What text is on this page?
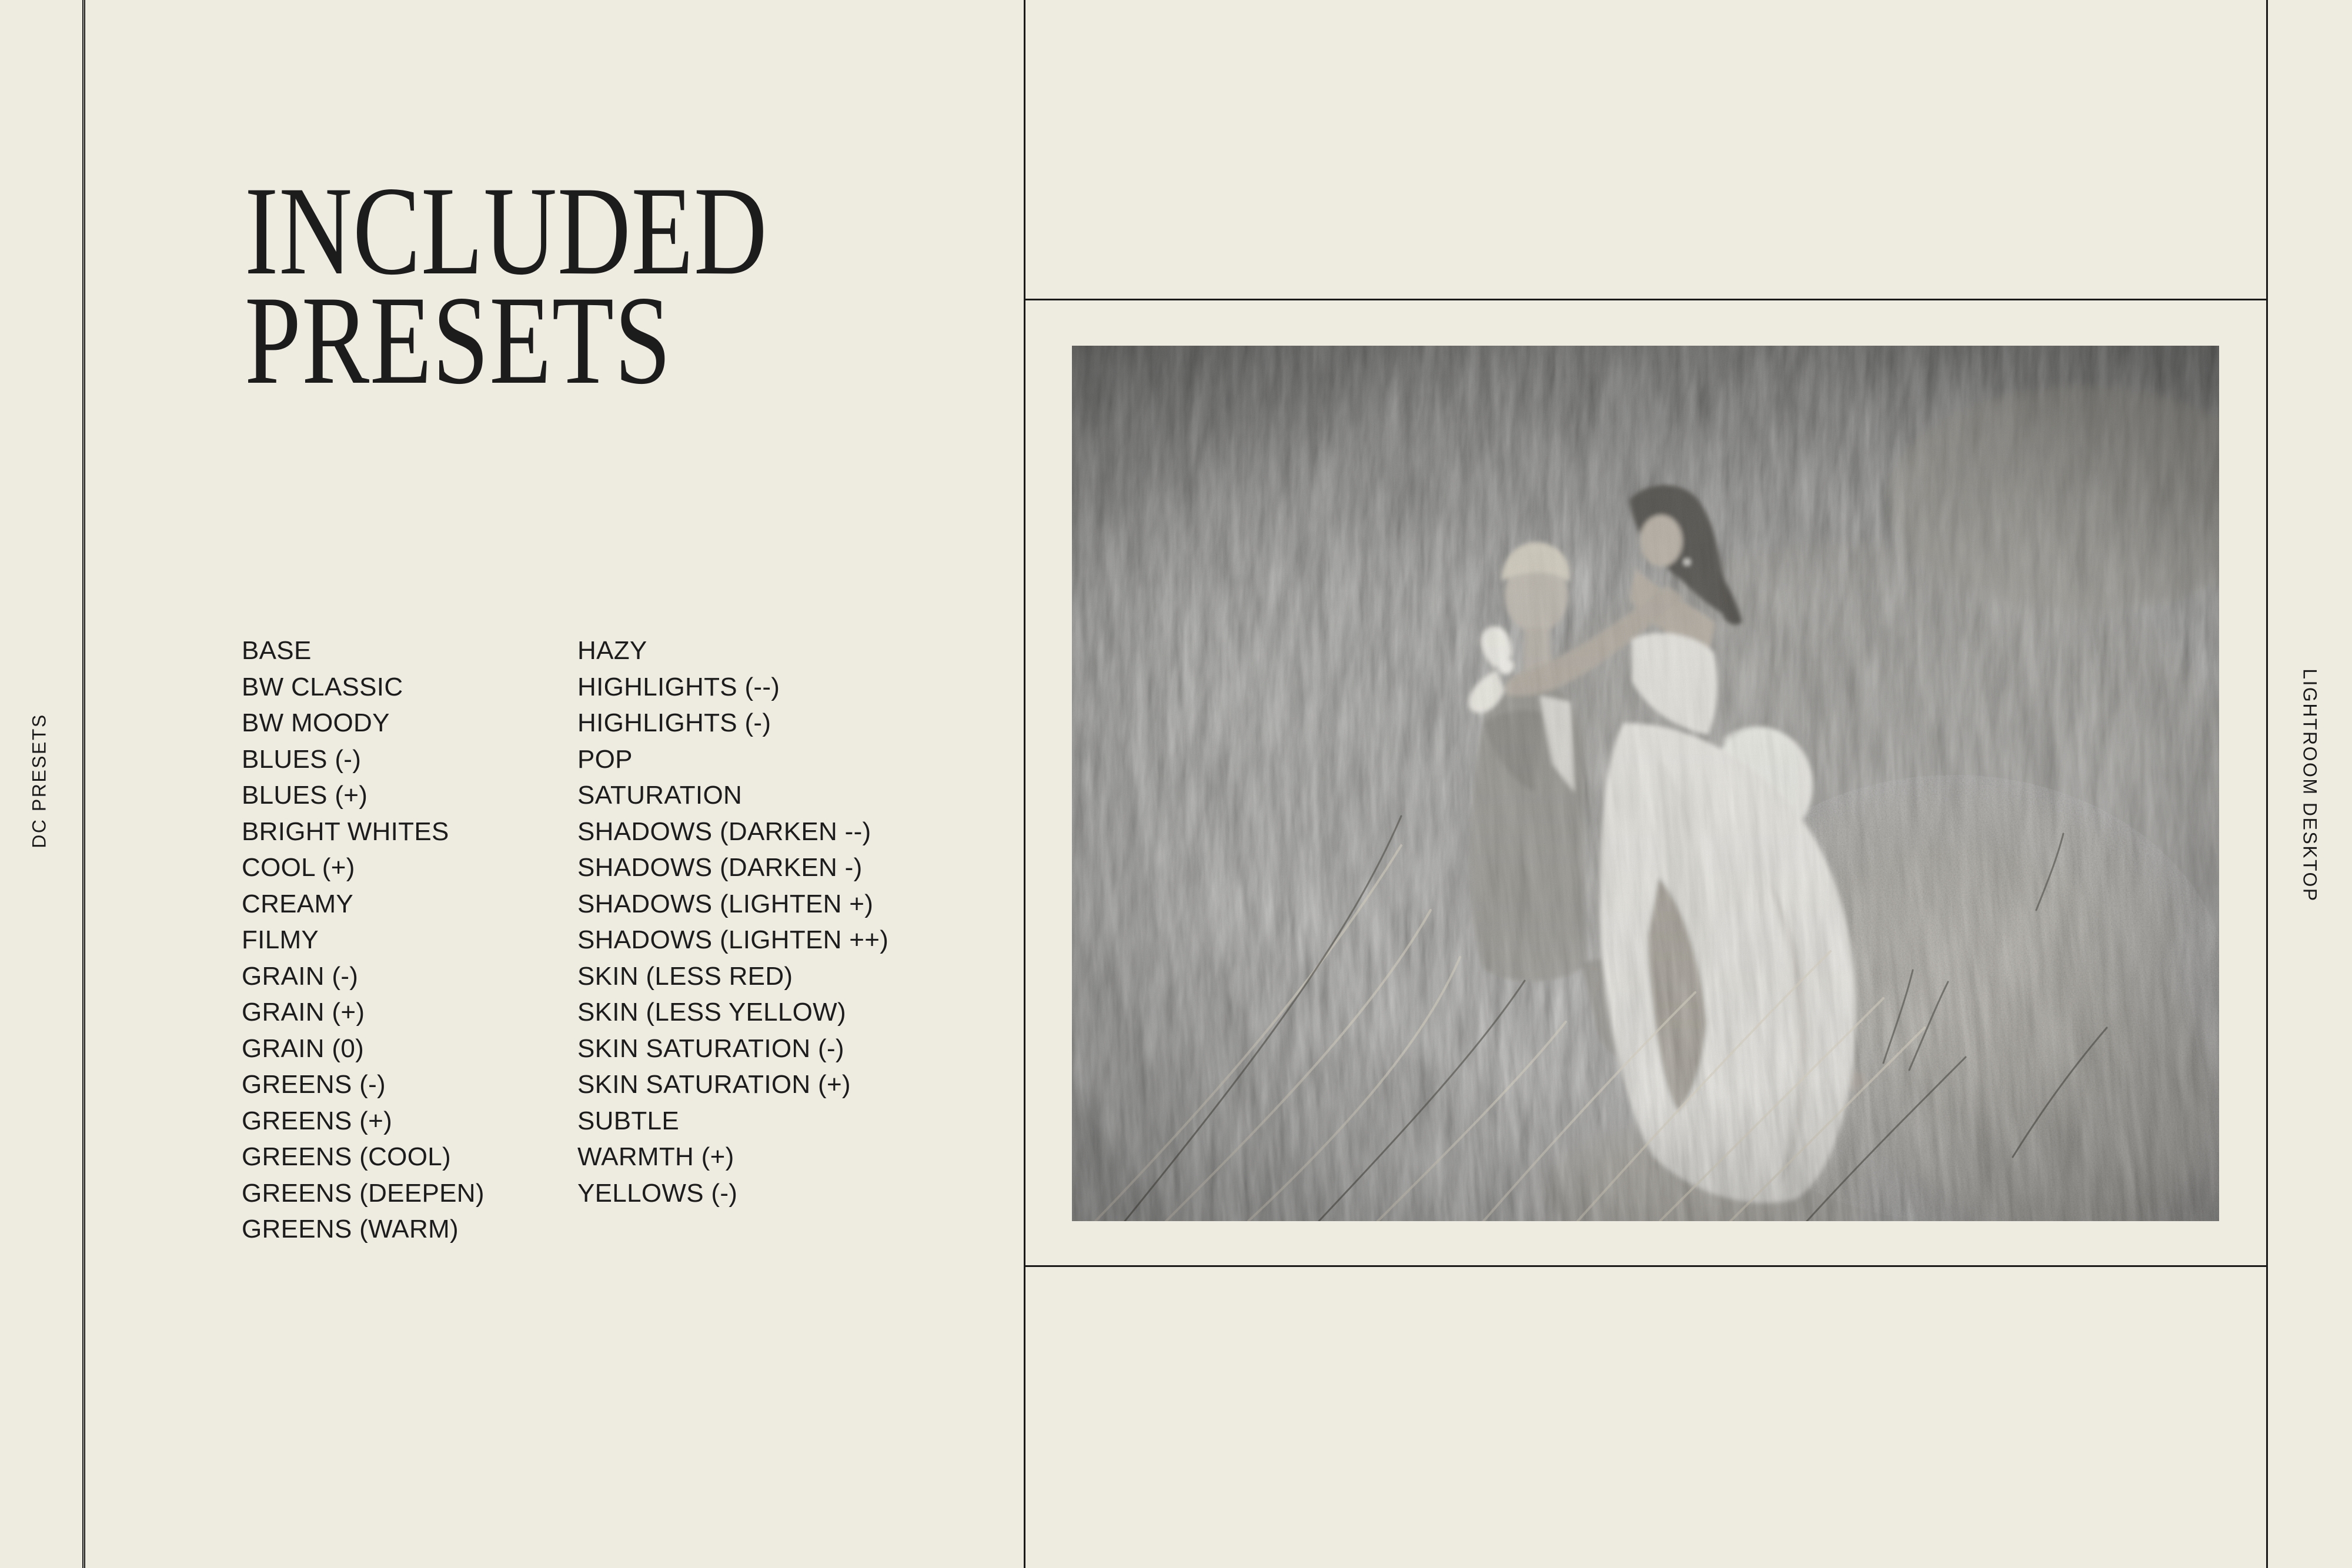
INCLUDED
PRESETS
BASE
BW CLASSIC
BW MOODY
BLUES (-)
BLUES (+)
BRIGHT WHITES
COOL (+)
CREAMY
FILMY
GRAIN (-)
GRAIN (+)
GRAIN (0)
GREENS (-)
GREENS (+)
GREENS (COOL)
GREENS (DEEPEN)
GREENS (WARM)
HAZY
HIGHLIGHTS (--)
HIGHLIGHTS (-)
POP
SATURATION
SHADOWS (DARKEN --)
SHADOWS (DARKEN -)
SHADOWS (LIGHTEN +)
SHADOWS (LIGHTEN ++)
SKIN (LESS RED)
SKIN (LESS YELLOW)
SKIN SATURATION (-)
SKIN SATURATION (+)
SUBTLE
WARMTH (+)
YELLOWS (-)
DC PRESETS	LIGHTROOM DESKTOP
